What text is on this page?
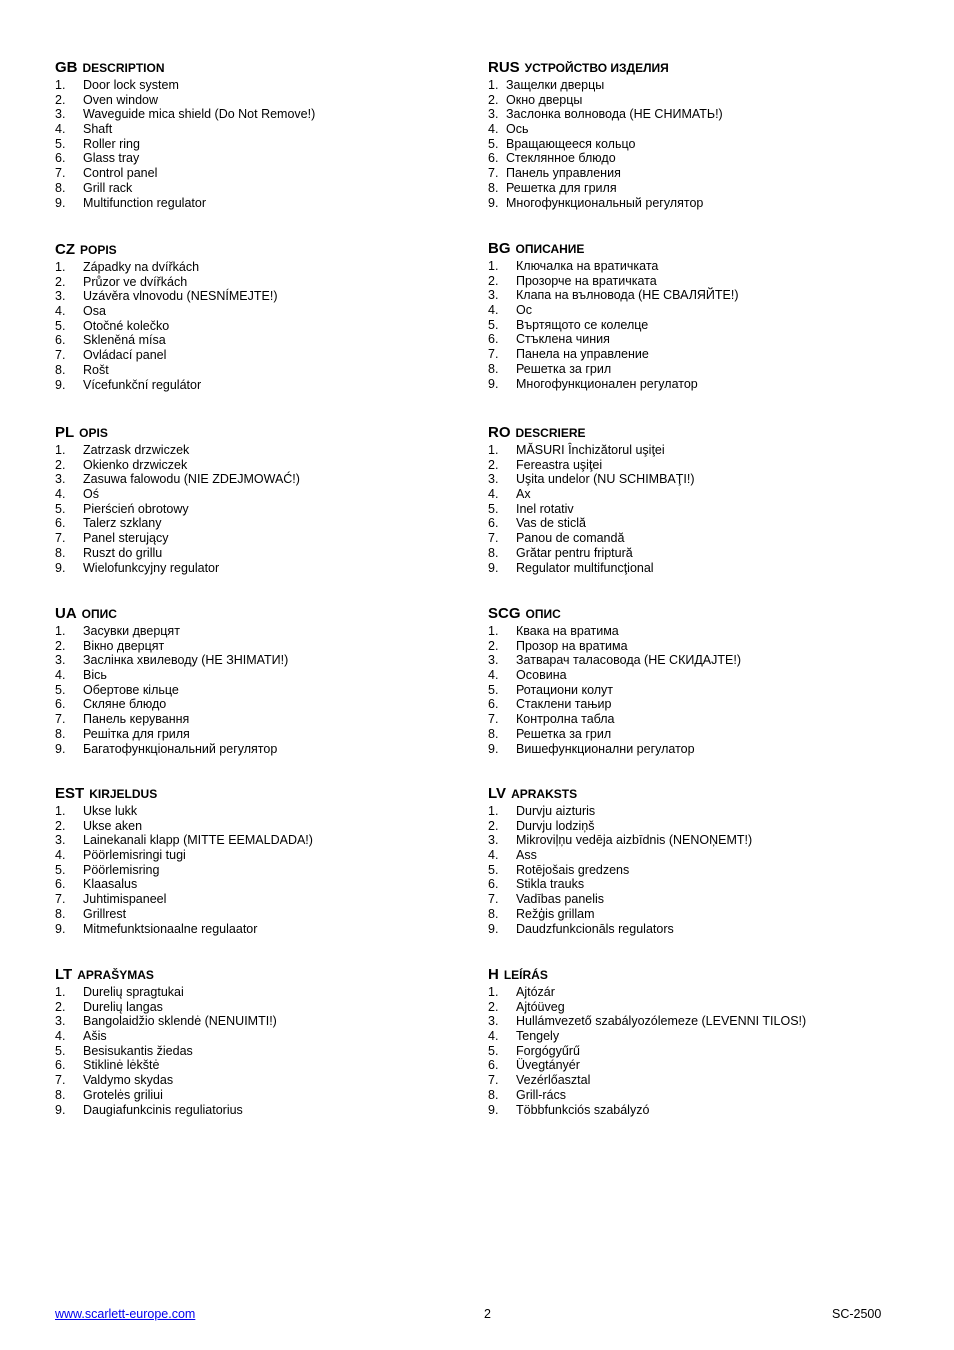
GB DESCRIPTION
1.	Door lock system
2.	Oven window
3.	Waveguide mica shield (Do Not Remove!)
4.	Shaft
5.	Roller ring
6.	Glass tray
7.	Control panel
8.	Grill rack
9.	Multifunction regulator
RUS УСТРОЙСТВО ИЗДЕЛИЯ
1. Защелки дверцы
2. Окно дверцы
3. Заслонка волновода (НЕ СНИМАТЬ!)
4. Ось
5. Вращающееся кольцо
6. Стеклянное блюдо
7. Панель управления
8. Решетка для гриля
9. Многофункциональный регулятор
CZ POPIS
1.	Západky na dvířkách
2.	Průzor ve dvířkách
3.	Uzávěra vlnovodu (NESNÍMEJTE!)
4.	Osa
5.	Otočné kolečko
6.	Skleněná mísa
7.	Ovládací panel
8.	Rošt
9.	Vícefunkční regulátor
BG ОПИСАНИЕ
1.	Ключалка на вратичката
2.	Прозорче на вратичката
3.	Клапа на вълновода (НЕ СВАЛЯЙТЕ!)
4.	Ос
5.	Въртящото се колелце
6.	Стъклена чиния
7.	Панела на управление
8.	Решетка за грил
9.	Многофункционален регулатор
PL OPIS
1.	Zatrzask drzwiczek
2.	Okienko drzwiczek
3.	Zasuwa falowodu (NIE ZDEJMOWAĆ!)
4.	Oś
5.	Pierścień obrotowy
6.	Talerz szklany
7.	Panel sterujący
8.	Ruszt do grillu
9.	Wielofunkcyjny regulator
RO DESCRIERE
1.	MĂSURI Închizătorul uşiţei
2.	Fereastra uşiţei
3.	Uşita undelor (NU SCHIMBAŢI!)
4.	Ax
5.	Inel rotativ
6.	Vas de sticlă
7.	Panou de comandă
8.	Grătar pentru friptură
9.	Regulator multifuncţional
UA ОПИС
1.	Засувки дверцят
2.	Вікно дверцят
3.	Заслінка хвилеводу (НЕ ЗНІМАТИ!)
4.	Вісь
5.	Обертове кільце
6.	Скляне блюдо
7.	Панель керування
8.	Решітка для гриля
9.	Багатофункціональний регулятор
SCG ОПИС
1.	Квака на вратима
2.	Прозор на вратима
3.	Затварач таласовода (НЕ СКИДАЈТЕ!)
4.	Осовина
5.	Ротациони колут
6.	Стаклени тањир
7.	Контролна табла
8.	Решетка за грил
9.	Вишефункционални регулатор
EST KIRJELDUS
1.	Ukse lukk
2.	Ukse aken
3.	Lainekanali klapp (MITTE EEMALDADA!)
4.	Pöörlemisringi tugi
5.	Pöörlemisring
6.	Klaasalus
7.	Juhtimispaneel
8.	Grillrest
9.	Mitmefunktsionaalne regulaator
LV APRAKSTS
1.	Durvju aizturis
2.	Durvju lodziņš
3.	Mikroviļņu vedēja aizbīdnis (NENOŅEMT!)
4.	Ass
5.	Rotējošais gredzens
6.	Stikla trauks
7.	Vadības panelis
8.	Režģis grillam
9.	Daudzfunkcionāls regulators
LT APRAŠYMAS
1.	Durelių spragtukai
2.	Durelių langas
3.	Bangolaidžio sklendė (NENUIMTI!)
4.	Ašis
5.	Besisukantis žiedas
6.	Stiklinė lėkštė
7.	Valdymo skydas
8.	Grotelės griliui
9.	Daugiafunkcinis reguliatorius
H LEÍRÁS
1.	Ajtózár
2.	Ajtóüveg
3.	Hullámvezető szabályozólemeze (LEVENNI TILOS!)
4.	Tengely
5.	Forgógyűrű
6.	Üvegtányér
7.	Vezérlőasztal
8.	Grill-rács
9.	Többfunkciós szabályzó
www.scarlett-europe.com	2	SC-2500
